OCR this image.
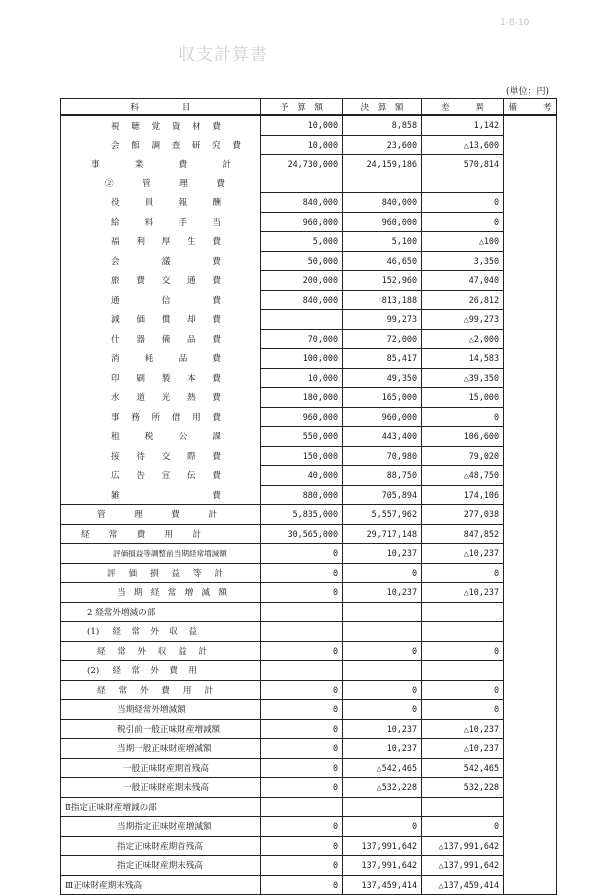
1-8-10
収支計算書
(単位：円)
科　　　　　目	予　算　額	決　算　額	差　　　異	備　　　考
視聴覚資材費	10,000	8,858	1,142	
会館調査研究費	10,000	23,600	△13,600	
事業費計	24,730,000	24,159,186	570,814	
②管理費				
役員報酬	840,000	840,000	0	
給料手当	960,000	960,000	0	
福利厚生費	5,000	5,100	△100	
会議費	50,000	46,650	3,350	
旅費交通費	200,000	152,960	47,040	
通信費	840,000	813,188	26,812	
減価償却費		99,273	△99,273	
什器備品費	70,000	72,000	△2,000	
消耗品費	100,000	85,417	14,583	
印刷製本費	10,000	49,350	△39,350	
水道光熱費	180,000	165,000	15,000	
事務所借用費	960,000	960,000	0	
租税公課	550,000	443,400	106,600	
接待交際費	150,000	70,980	79,020	
広告宣伝費	40,000	88,750	△48,750	
雑費	880,000	705,894	174,106	
管理費計	5,835,000	5,557,962	277,038	
経常費用計	30,565,000	29,717,148	847,852	
評価損益等調整前当期経常増減額	0	10,237	△10,237	
評価損益等計	0	0	0	
当期経常増減額	0	10,237	△10,237	
2 経常外増減の部				
(1) 経常外収益				
経常外収益計	0	0	0	
(2) 経常外費用				
経常外費用計	0	0	0	
当期経常外増減額	0	0	0	
税引前一般正味財産増減額	0	10,237	△10,237	
当期一般正味財産増減額	0	10,237	△10,237	
一般正味財産期首残高	0	△542,465	542,465	
一般正味財産期末残高	0	△532,228	532,228	
Ⅱ指定正味財産増減の部				
当期指定正味財産増減額	0	0	0	
指定正味財産期首残高	0	137,991,642	△137,991,642	
指定正味財産期末残高	0	137,991,642	△137,991,642	
Ⅲ正味財産期末残高	0	137,459,414	△137,459,414	
